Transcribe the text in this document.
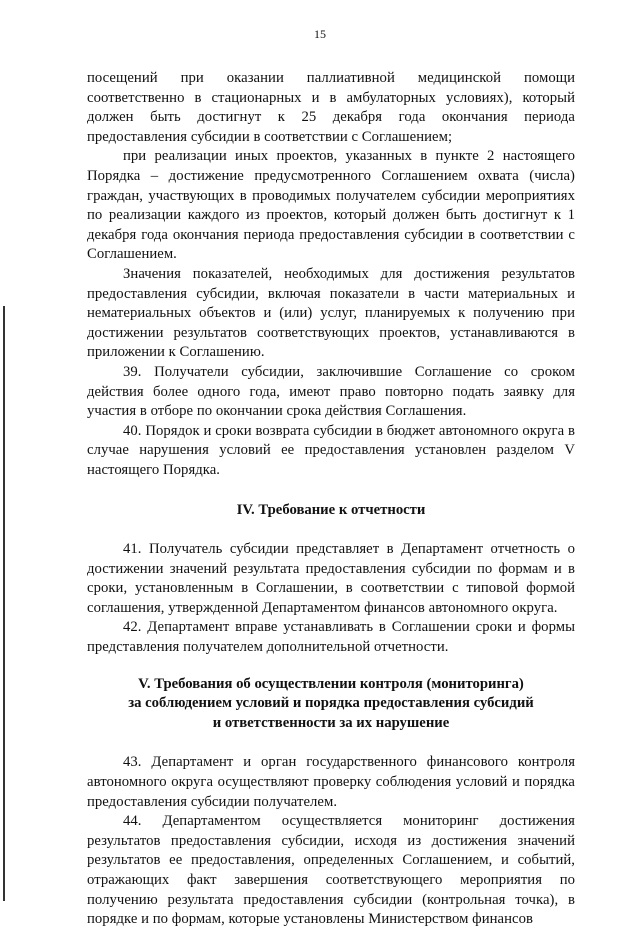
15

посещений при оказании паллиативной медицинской помощи соответственно в стационарных и в амбулаторных условиях), который должен быть достигнут к 25 декабря года окончания периода предоставления субсидии в соответствии с Соглашением;

при реализации иных проектов, указанных в пункте 2 настоящего Порядка – достижение предусмотренного Соглашением охвата (числа) граждан, участвующих в проводимых получателем субсидии мероприятиях по реализации каждого из проектов, который должен быть достигнут к 1 декабря года окончания периода предоставления субсидии в соответствии с Соглашением.

Значения показателей, необходимых для достижения результатов предоставления субсидии, включая показатели в части материальных и нематериальных объектов и (или) услуг, планируемых к получению при достижении результатов соответствующих проектов, устанавливаются в приложении к Соглашению.

39. Получатели субсидии, заключившие Соглашение со сроком действия более одного года, имеют право повторно подать заявку для участия в отборе по окончании срока действия Соглашения.

40. Порядок и сроки возврата субсидии в бюджет автономного округа в случае нарушения условий ее предоставления установлен разделом V настоящего Порядка.

IV. Требование к отчетности

41. Получатель субсидии представляет в Департамент отчетность о достижении значений результата предоставления субсидии по формам и в сроки, установленным в Соглашении, в соответствии с типовой формой соглашения, утвержденной Департаментом финансов автономного округа.

42. Департамент вправе устанавливать в Соглашении сроки и формы представления получателем дополнительной отчетности.

V. Требования об осуществлении контроля (мониторинга)
за соблюдением условий и порядка предоставления субсидий
и ответственности за их нарушение

43. Департамент и орган государственного финансового контроля автономного округа осуществляют проверку соблюдения условий и порядка предоставления субсидии получателем.

44. Департаментом осуществляется мониторинг достижения результатов предоставления субсидии, исходя из достижения значений результатов ее предоставления, определенных Соглашением, и событий, отражающих факт завершения соответствующего мероприятия по получению результата предоставления субсидии (контрольная точка), в порядке и по формам, которые установлены Министерством финансов
